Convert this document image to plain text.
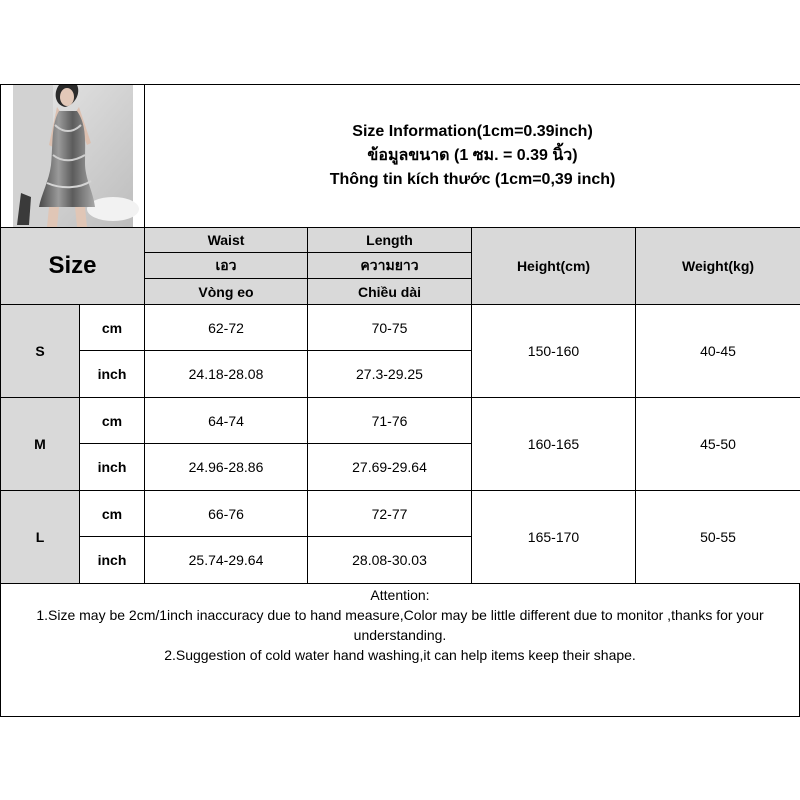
Size Information(1cm=0.39inch)
ข้อมูลขนาด (1 ซม. = 0.39 นิ้ว)
Thông tin kích thước (1cm=0,39 inch)			

Size		Waist	Length	Height(cm)	Weight(kg)
		เอว	ความยาว		
		Vòng eo	Chiều dài		
S	cm	62-72	70-75	150-160	40-45
	inch	24.18-28.08	27.3-29.25		
M	cm	64-74	71-76	160-165	45-50
	inch	24.96-28.86	27.69-29.64		
L	cm	66-76	72-77	165-170	50-55
	inch	25.74-29.64	28.08-30.03		
Attention:
1.Size may be 2cm/1inch inaccuracy due to hand measure,Color may be little different due to monitor ,thanks for your understanding.
2.Suggestion of cold water hand washing,it can help items keep their shape.
